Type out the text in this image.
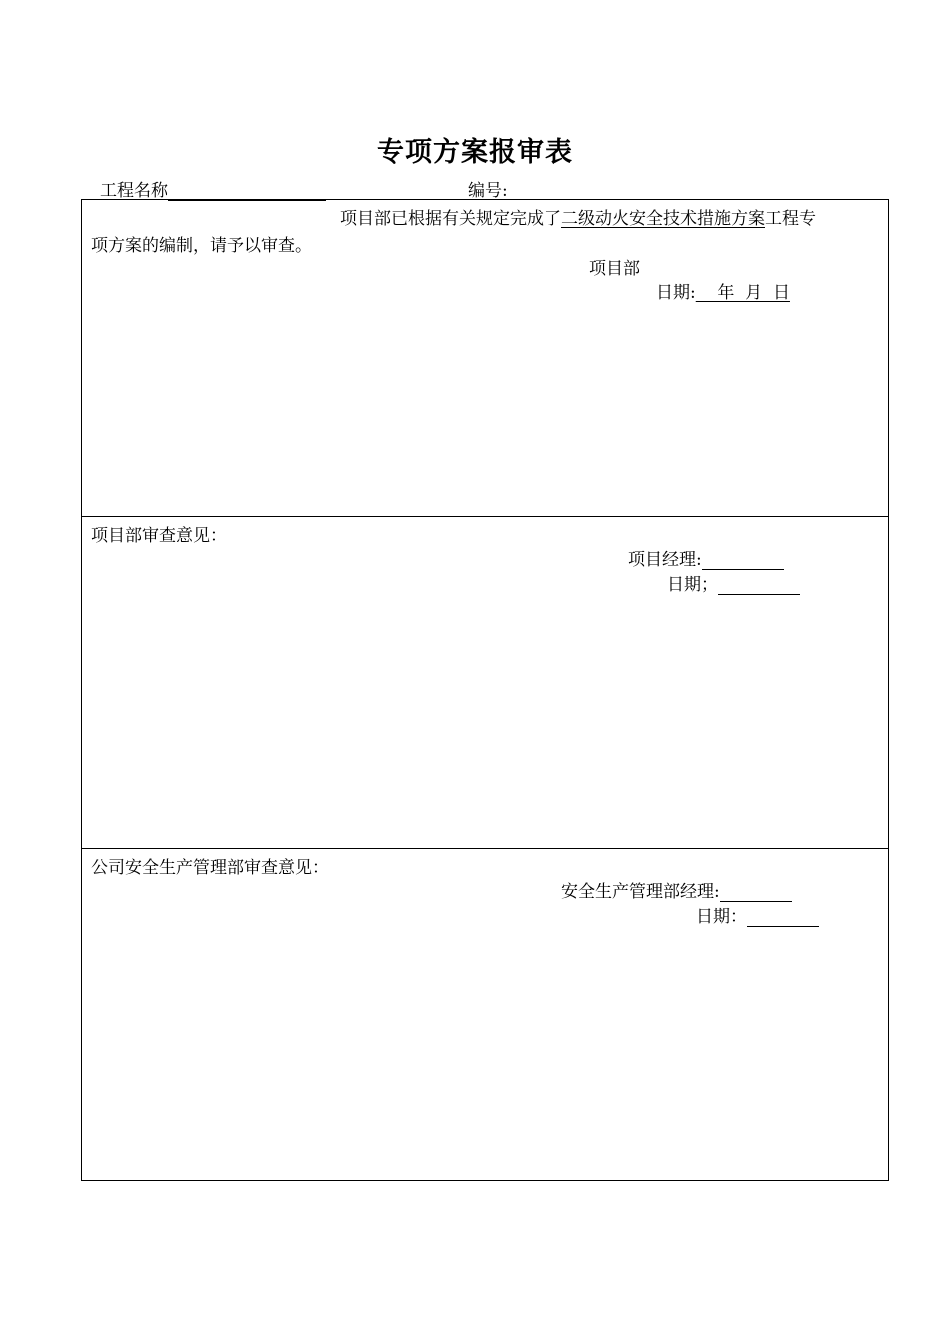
专项方案报审表
工程名称	编号:
项目部已根据有关规定完成了二级动火安全技术措施方案工程专
项方案的编制，请予以审查。
项目部
日期:    年  月  日
项目部审查意见：
项目经理:
日期；
公司安全生产管理部审查意见：
安全生产管理部经理:
日期：
